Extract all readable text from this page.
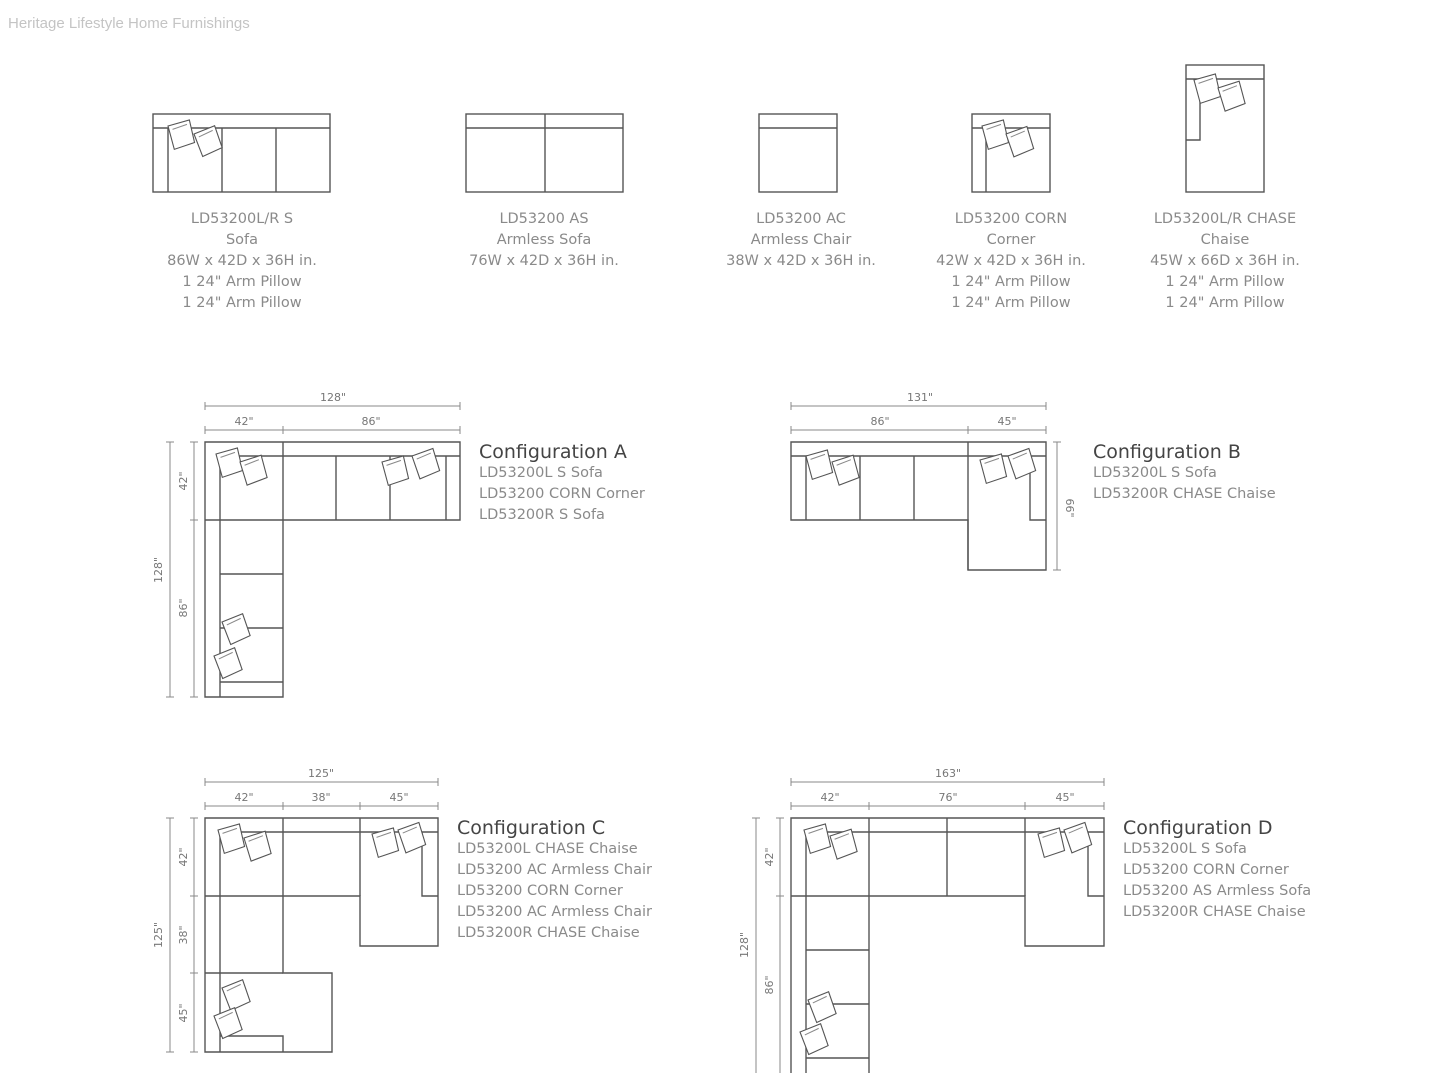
Heritage Lifestyle Home Furnishings
128"
42"	86"
128"
42"
86"
131"
86"	45"
66"
125"
42"	38"	45"
125"
42"
38"
45"
163"
42"	76"	45"
128"
42"
86"
LD53200L/R S
Sofa
86W x 42D x 36H in.
1 24" Arm Pillow
1 24" Arm Pillow
LD53200 AS
Armless Sofa
76W x 42D x 36H in.
LD53200 AC
Armless Chair
38W x 42D x 36H in.
LD53200 CORN
Corner
42W x 42D x 36H in.
1 24" Arm Pillow
1 24" Arm Pillow
LD53200L/R CHASE
Chaise
45W x 66D x 36H in.
1 24" Arm Pillow
1 24" Arm Pillow
Configuration A
LD53200L S Sofa
LD53200 CORN Corner
LD53200R S Sofa
Configuration B
LD53200L S Sofa
LD53200R CHASE Chaise
Configuration C
LD53200L CHASE Chaise
LD53200 AC Armless Chair
LD53200 CORN Corner
LD53200 AC Armless Chair
LD53200R CHASE Chaise
Configuration D
LD53200L S Sofa
LD53200 CORN Corner
LD53200 AS Armless Sofa
LD53200R CHASE Chaise
